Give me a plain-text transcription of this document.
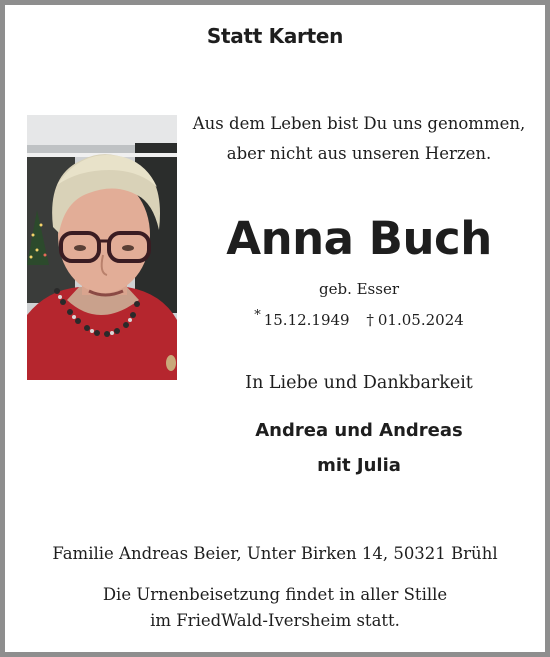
Statt Karten
Aus dem Leben bist Du uns genommen,
aber nicht aus unseren Herzen.
Anna Buch
geb. Esser
* 15.12.1949 † 01.05.2024
In Liebe und Dankbarkeit
Andrea und Andreas
mit Julia
Familie Andreas Beier, Unter Birken 14, 50321 Brühl
Die Urnenbeisetzung findet in aller Stille
im FriedWald-Iversheim statt.
